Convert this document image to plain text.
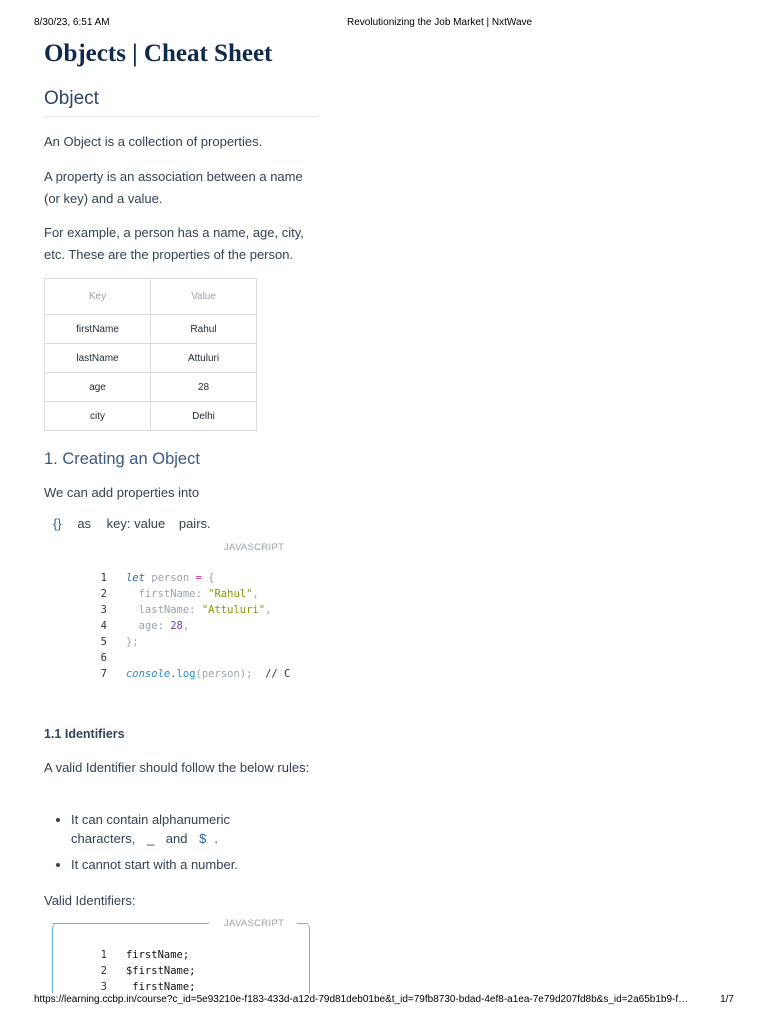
8/30/23, 6:51 AM	Revolutionizing the Job Market | NxtWave
Objects | Cheat Sheet
Object

An Object is a collection of properties.

A property is an association between a name (or key) and a value.

For example, a person has a name, age, city, etc. These are the properties of the person.

Key	Value
firstName	Rahul
lastName	Attuluri
age	28
city	Delhi
1. Creating an Object

We can add properties into

{} as key: value pairs.
JAVASCRIPT
1 let person = {
2     firstName: "Rahul",
3     lastName: "Attuluri",
4     age: 28,
5 };
6
7 console.log(person);  // C
1.1 Identifiers

A valid Identifier should follow the below rules:

• It can contain alphanumeric characters, _ and $ .
• It cannot start with a number.

Valid Identifiers:

JAVASCRIPT
1 firstName;
2 $firstName;
3    firstName;
https://learning.ccbp.in/course?c_id=5e93210e-f183-433d-a12d-79d81deb01be&t_id=79fb8730-bdad-4ef8-a1ea-7e79d207fd8b&s_id=2a65b1b9-f…	1/7
